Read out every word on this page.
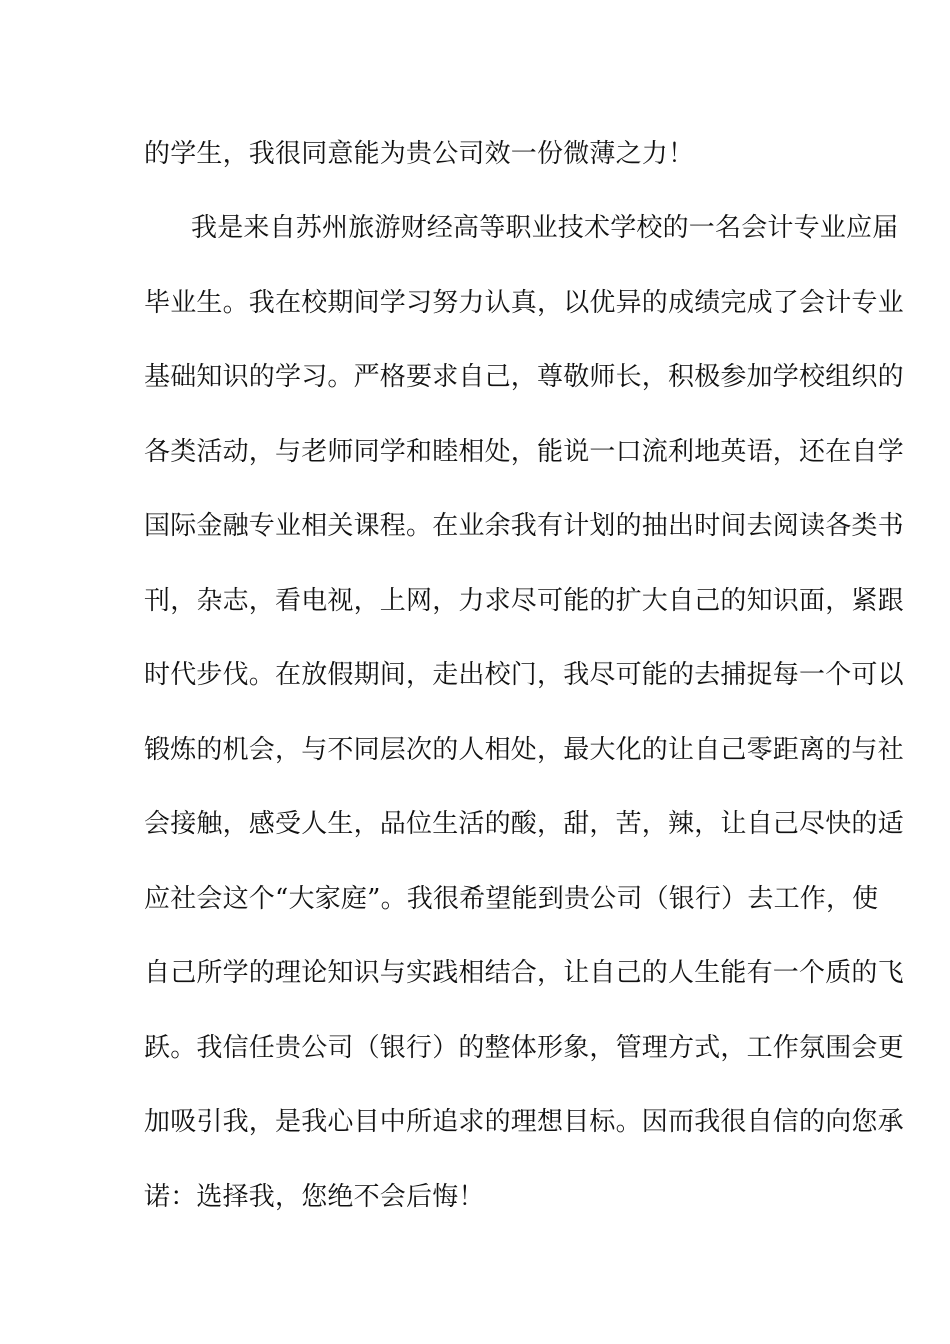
的学生，我很同意能为贵公司效一份微薄之力！
我是来自苏州旅游财经高等职业技术学校的一名会计专业应届
毕业生。我在校期间学习努力认真，以优异的成绩完成了会计专业
基础知识的学习。严格要求自己，尊敬师长，积极参加学校组织的
各类活动，与老师同学和睦相处，能说一口流利地英语，还在自学
国际金融专业相关课程。在业余我有计划的抽出时间去阅读各类书
刊，杂志，看电视，上网，力求尽可能的扩大自己的知识面，紧跟
时代步伐。在放假期间，走出校门，我尽可能的去捕捉每一个可以
锻炼的机会，与不同层次的人相处，最大化的让自己零距离的与社
会接触，感受人生，品位生活的酸，甜，苦，辣，让自己尽快的适
应社会这个“大家庭”。我很希望能到贵公司（银行）去工作，使
自己所学的理论知识与实践相结合，让自己的人生能有一个质的飞
跃。我信任贵公司（银行）的整体形象，管理方式，工作氛围会更
加吸引我，是我心目中所追求的理想目标。因而我很自信的向您承
诺：选择我，您绝不会后悔！
